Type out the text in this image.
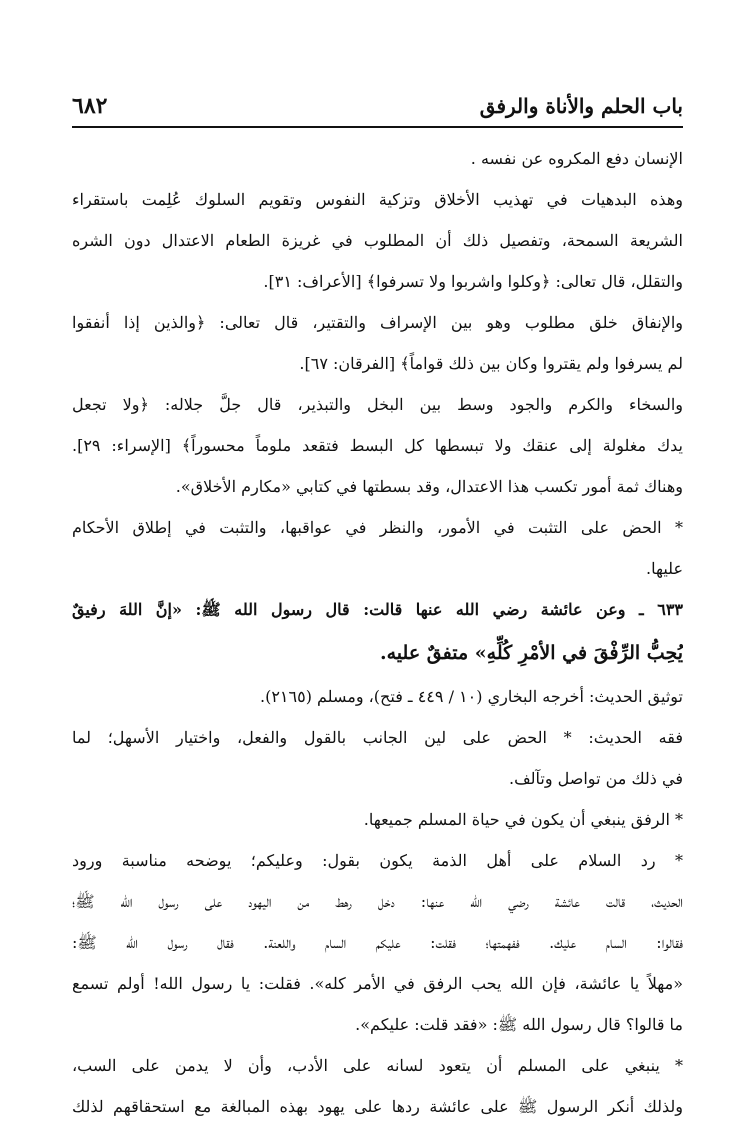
باب الحلم والأناة والرفق
٦٨٢
الإنسان دفع المكروه عن نفسه .
وهذه البدهيات في تهذيب الأخلاق وتزكية النفوس وتقويم السلوك عُلِمت باستقراء
الشريعة السمحة، وتفصيل ذلك أن المطلوب في غريزة الطعام الاعتدال دون الشره
والتقلل، قال تعالى: ﴿وكلوا واشربوا ولا تسرفوا﴾ [الأعراف: ٣١].
والإنفاق خلق مطلوب وهو بين الإسراف والتقتير، قال تعالى: ﴿والذين إذا أنفقوا
لم يسرفوا ولم يقتروا وكان بين ذلك قواماً﴾ [الفرقان: ٦٧].
والسخاء والكرم والجود وسط بين البخل والتبذير، قال جلَّ جلاله: ﴿ولا تجعل
يدك مغلولة إلى عنقك ولا تبسطها كل البسط فتقعد ملوماً محسوراً﴾ [الإسراء: ٢٩].
وهناك ثمة أمور تكسب هذا الاعتدال، وقد بسطتها في كتابي «مكارم الأخلاق».
* الحض على التثبت في الأمور، والنظر في عواقبها، والتثبت في إطلاق الأحكام
عليها.
٦٣٣ ـ وعن عائشة رضي الله عنها قالت: قال رسول الله ﷺ: «إنَّ اللهَ رفيقٌ
يُحِبُّ الرِّفْقَ في الأمْرِ كُلِّهِ» متفقٌ عليه.
توثيق الحديث: أخرجه البخاري (١٠ / ٤٤٩ ـ فتح)، ومسلم (٢١٦٥).
فقه الحديث: * الحض على لين الجانب بالقول والفعل، واختيار الأسهل؛ لما
في ذلك من تواصل وتآلف.
* الرفق ينبغي أن يكون في حياة المسلم جميعها.
* رد السلام على أهل الذمة يكون بقول: وعليكم؛ يوضحه مناسبة ورود
الحديث، قالت عائشة رضي الله عنها: دخل رهط من اليهود على رسول الله ﷺ؛
فقالوا: السام عليك. ففهمتها؛ فقلت: عليكم السام واللعنة. فقال رسول الله ﷺ:
«مهلاً يا عائشة، فإن الله يحب الرفق في الأمر كله». فقلت: يا رسول الله! أولم تسمع
ما قالوا؟ قال رسول الله ﷺ: «فقد قلت: عليكم».
* ينبغي على المسلم أن يتعود لسانه على الأدب، وأن لا يدمن على السب،
ولذلك أنكر الرسول ﷺ على عائشة ردها على يهود بهذه المبالغة مع استحقاقهم لذلك
